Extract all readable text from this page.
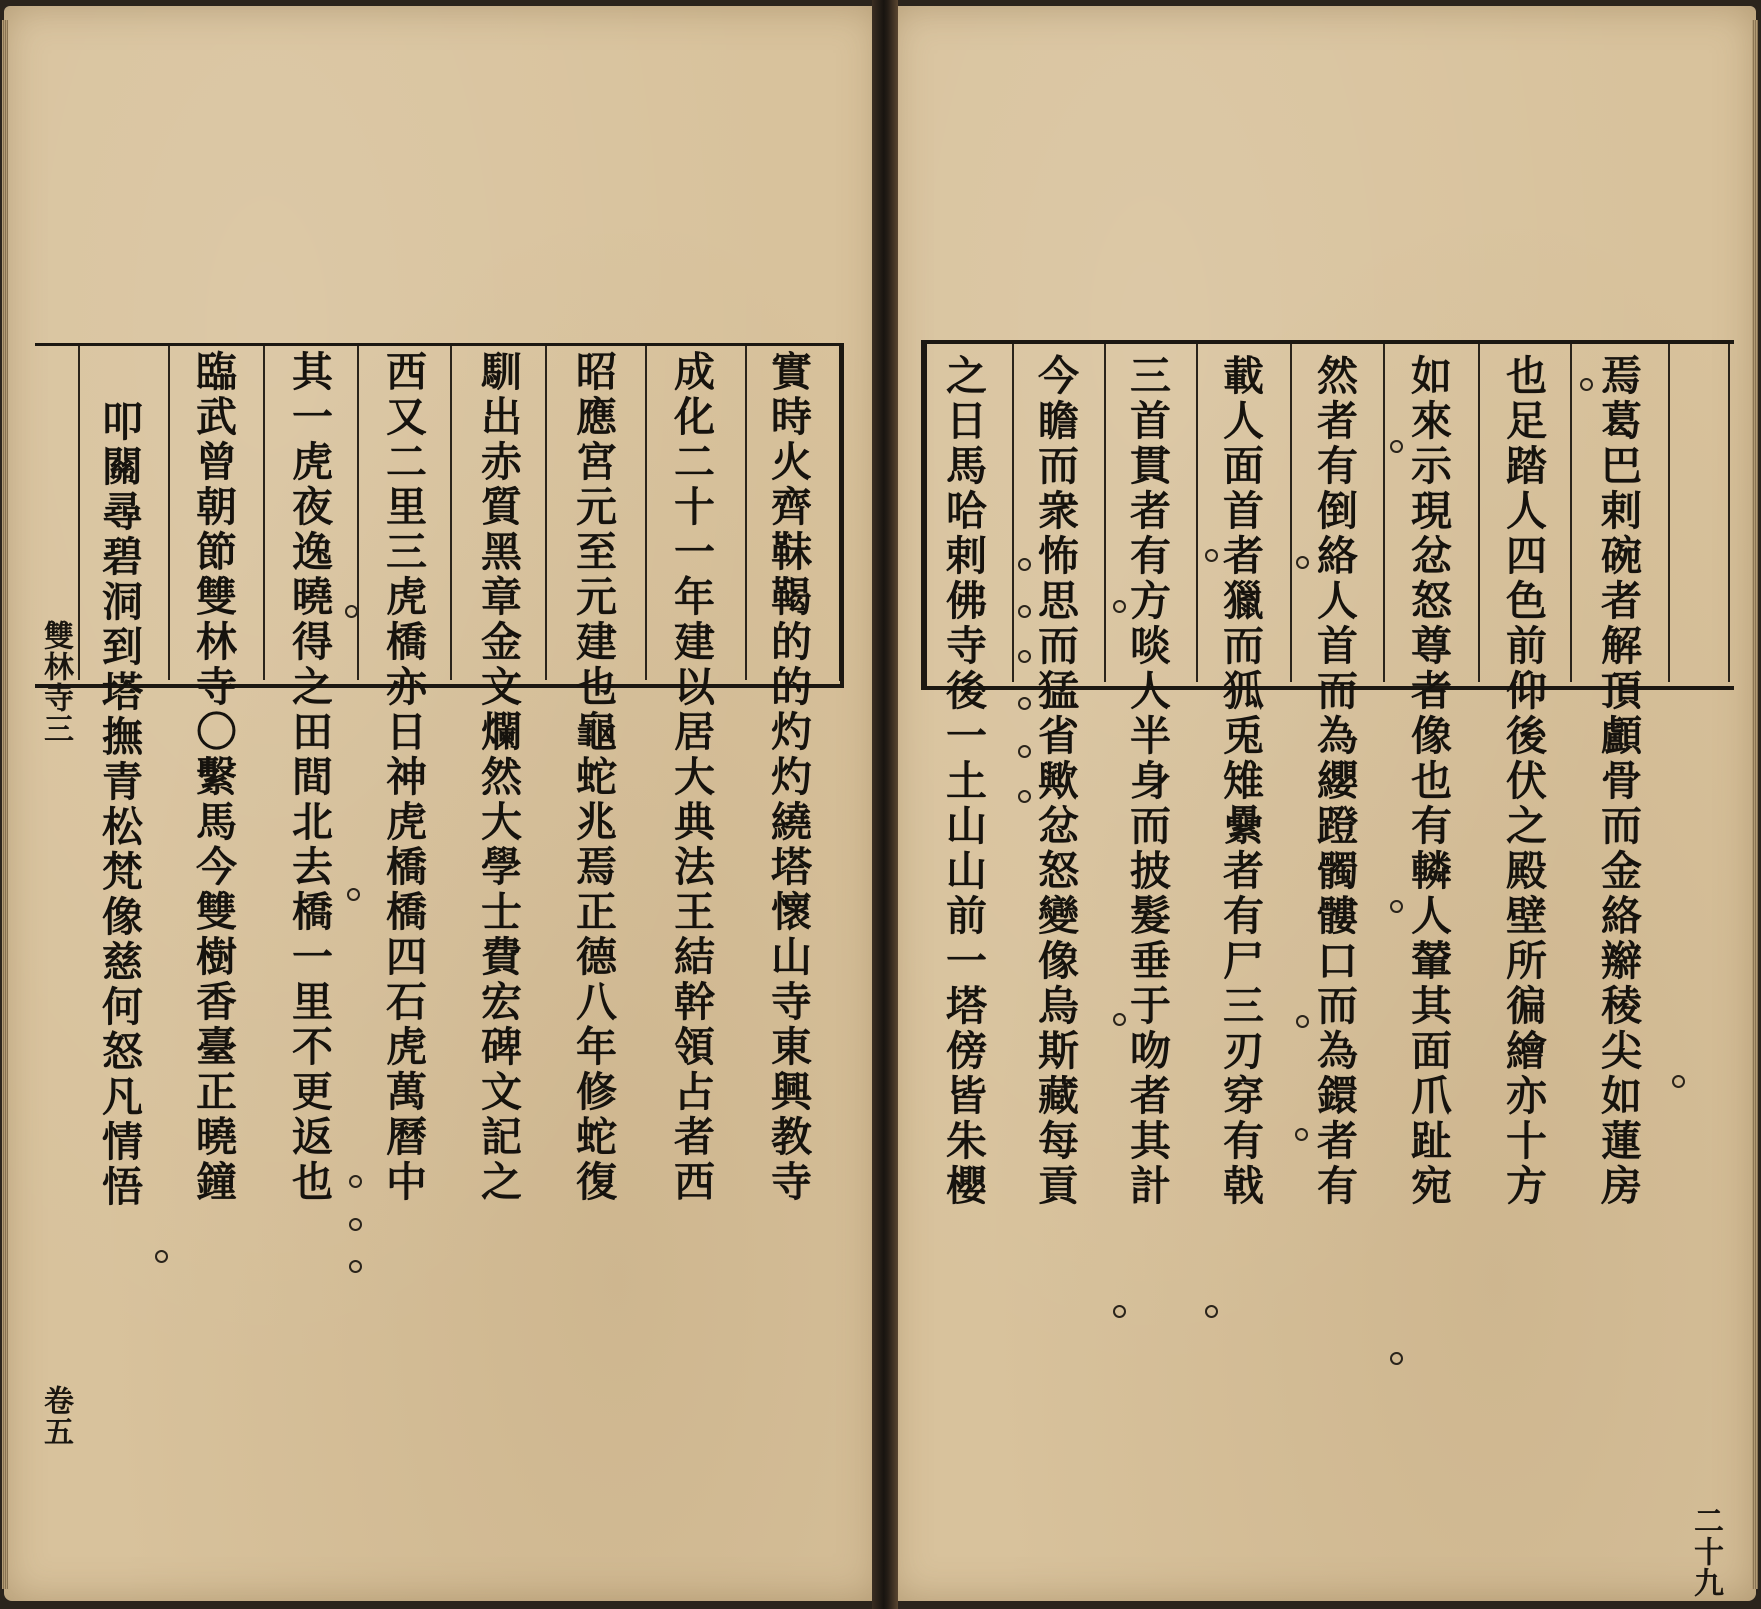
實時火齊靺鞨的的灼灼繞塔懷山寺東興教寺
成化二十一年建以居大典法王結幹領占者西
昭應宮元至元建也龜蛇兆焉正德八年修蛇復
馴出赤質黑章金文爛然大學士費宏碑文記之
西又二里三虎橋亦日神虎橋橋四石虎萬曆中
其一虎夜逸曉得之田間北去橋一里不更返也
臨武曾朝節雙林寺〇繫馬今雙樹香臺正曉鐘
叩關尋碧洞到塔撫青松梵像慈何怒凡情悟
雙林寺三
卷五
焉葛巴剌碗者解頂顱骨而金絡辮稜尖如蓮房
也足踏人四色前仰後伏之殿壁所徧繪亦十方
如來示現忿怒尊者像也有轔人輦其面爪趾宛
然者有倒絡人首而為纓蹬髑髏口而為鐶者有
載人面首者獵而狐兎雉纍者有尸三刃穿有戟
三首貫者有方啖人半身而披髮垂于吻者其計
今瞻而衆怖思而猛省歟忿怒變像烏斯藏每貢
之日馬哈剌佛寺後一土山山前一塔傍皆朱櫻
二十九
